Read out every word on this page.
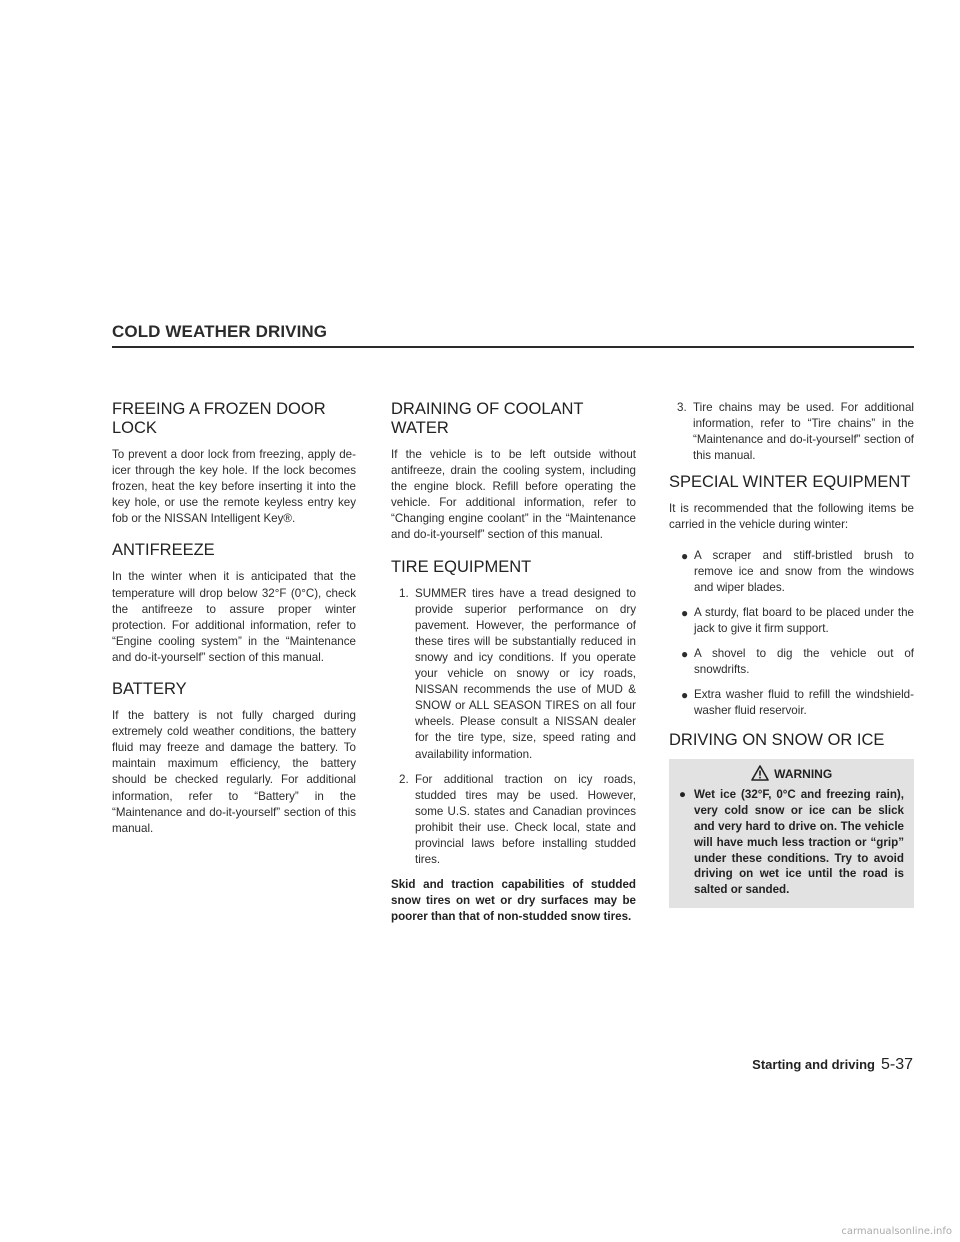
COLD WEATHER DRIVING
FREEING A FROZEN DOOR LOCK

To prevent a door lock from freezing, apply de-icer through the key hole. If the lock becomes frozen, heat the key before inserting it into the key hole, or use the remote keyless entry key fob or the NISSAN Intelligent Key®.

ANTIFREEZE

In the winter when it is anticipated that the temperature will drop below 32°F (0°C), check the antifreeze to assure proper winter protection. For additional information, refer to “Engine cooling system” in the “Maintenance and do-it-yourself” section of this manual.

BATTERY

If the battery is not fully charged during extremely cold weather conditions, the battery fluid may freeze and damage the battery. To maintain maximum efficiency, the battery should be checked regularly. For additional information, refer to “Battery” in the “Maintenance and do-it-yourself” section of this manual.

DRAINING OF COOLANT WATER

If the vehicle is to be left outside without antifreeze, drain the cooling system, including the engine block. Refill before operating the vehicle. For additional information, refer to “Changing engine coolant” in the “Maintenance and do-it-yourself” section of this manual.

TIRE EQUIPMENT
1. SUMMER tires have a tread designed to provide superior performance on dry pavement. However, the performance of these tires will be substantially reduced in snowy and icy conditions. If you operate your vehicle on snowy or icy roads, NISSAN recommends the use of MUD & SNOW or ALL SEASON TIRES on all four wheels. Please consult a NISSAN dealer for the tire type, size, speed rating and availability information.
2. For additional traction on icy roads, studded tires may be used. However, some U.S. states and Canadian provinces prohibit their use. Check local, state and provincial laws before installing studded tires.

Skid and traction capabilities of studded snow tires on wet or dry surfaces may be poorer than that of non-studded snow tires.

3. Tire chains may be used. For additional information, refer to “Tire chains” in the “Maintenance and do-it-yourself” section of this manual.
SPECIAL WINTER EQUIPMENT

It is recommended that the following items be carried in the vehicle during winter:

● A scraper and stiff-bristled brush to remove ice and snow from the windows and wiper blades.
● A sturdy, flat board to be placed under the jack to give it firm support.
● A shovel to dig the vehicle out of snowdrifts.
● Extra washer fluid to refill the windshield-washer fluid reservoir.
DRIVING ON SNOW OR ICE
WARNING
● Wet ice (32°F, 0°C and freezing rain), very cold snow or ice can be slick and very hard to drive on. The vehicle will have much less traction or “grip” under these conditions. Try to avoid driving on wet ice until the road is salted or sanded.
Starting and driving 5-37
carmanualsonline.info
